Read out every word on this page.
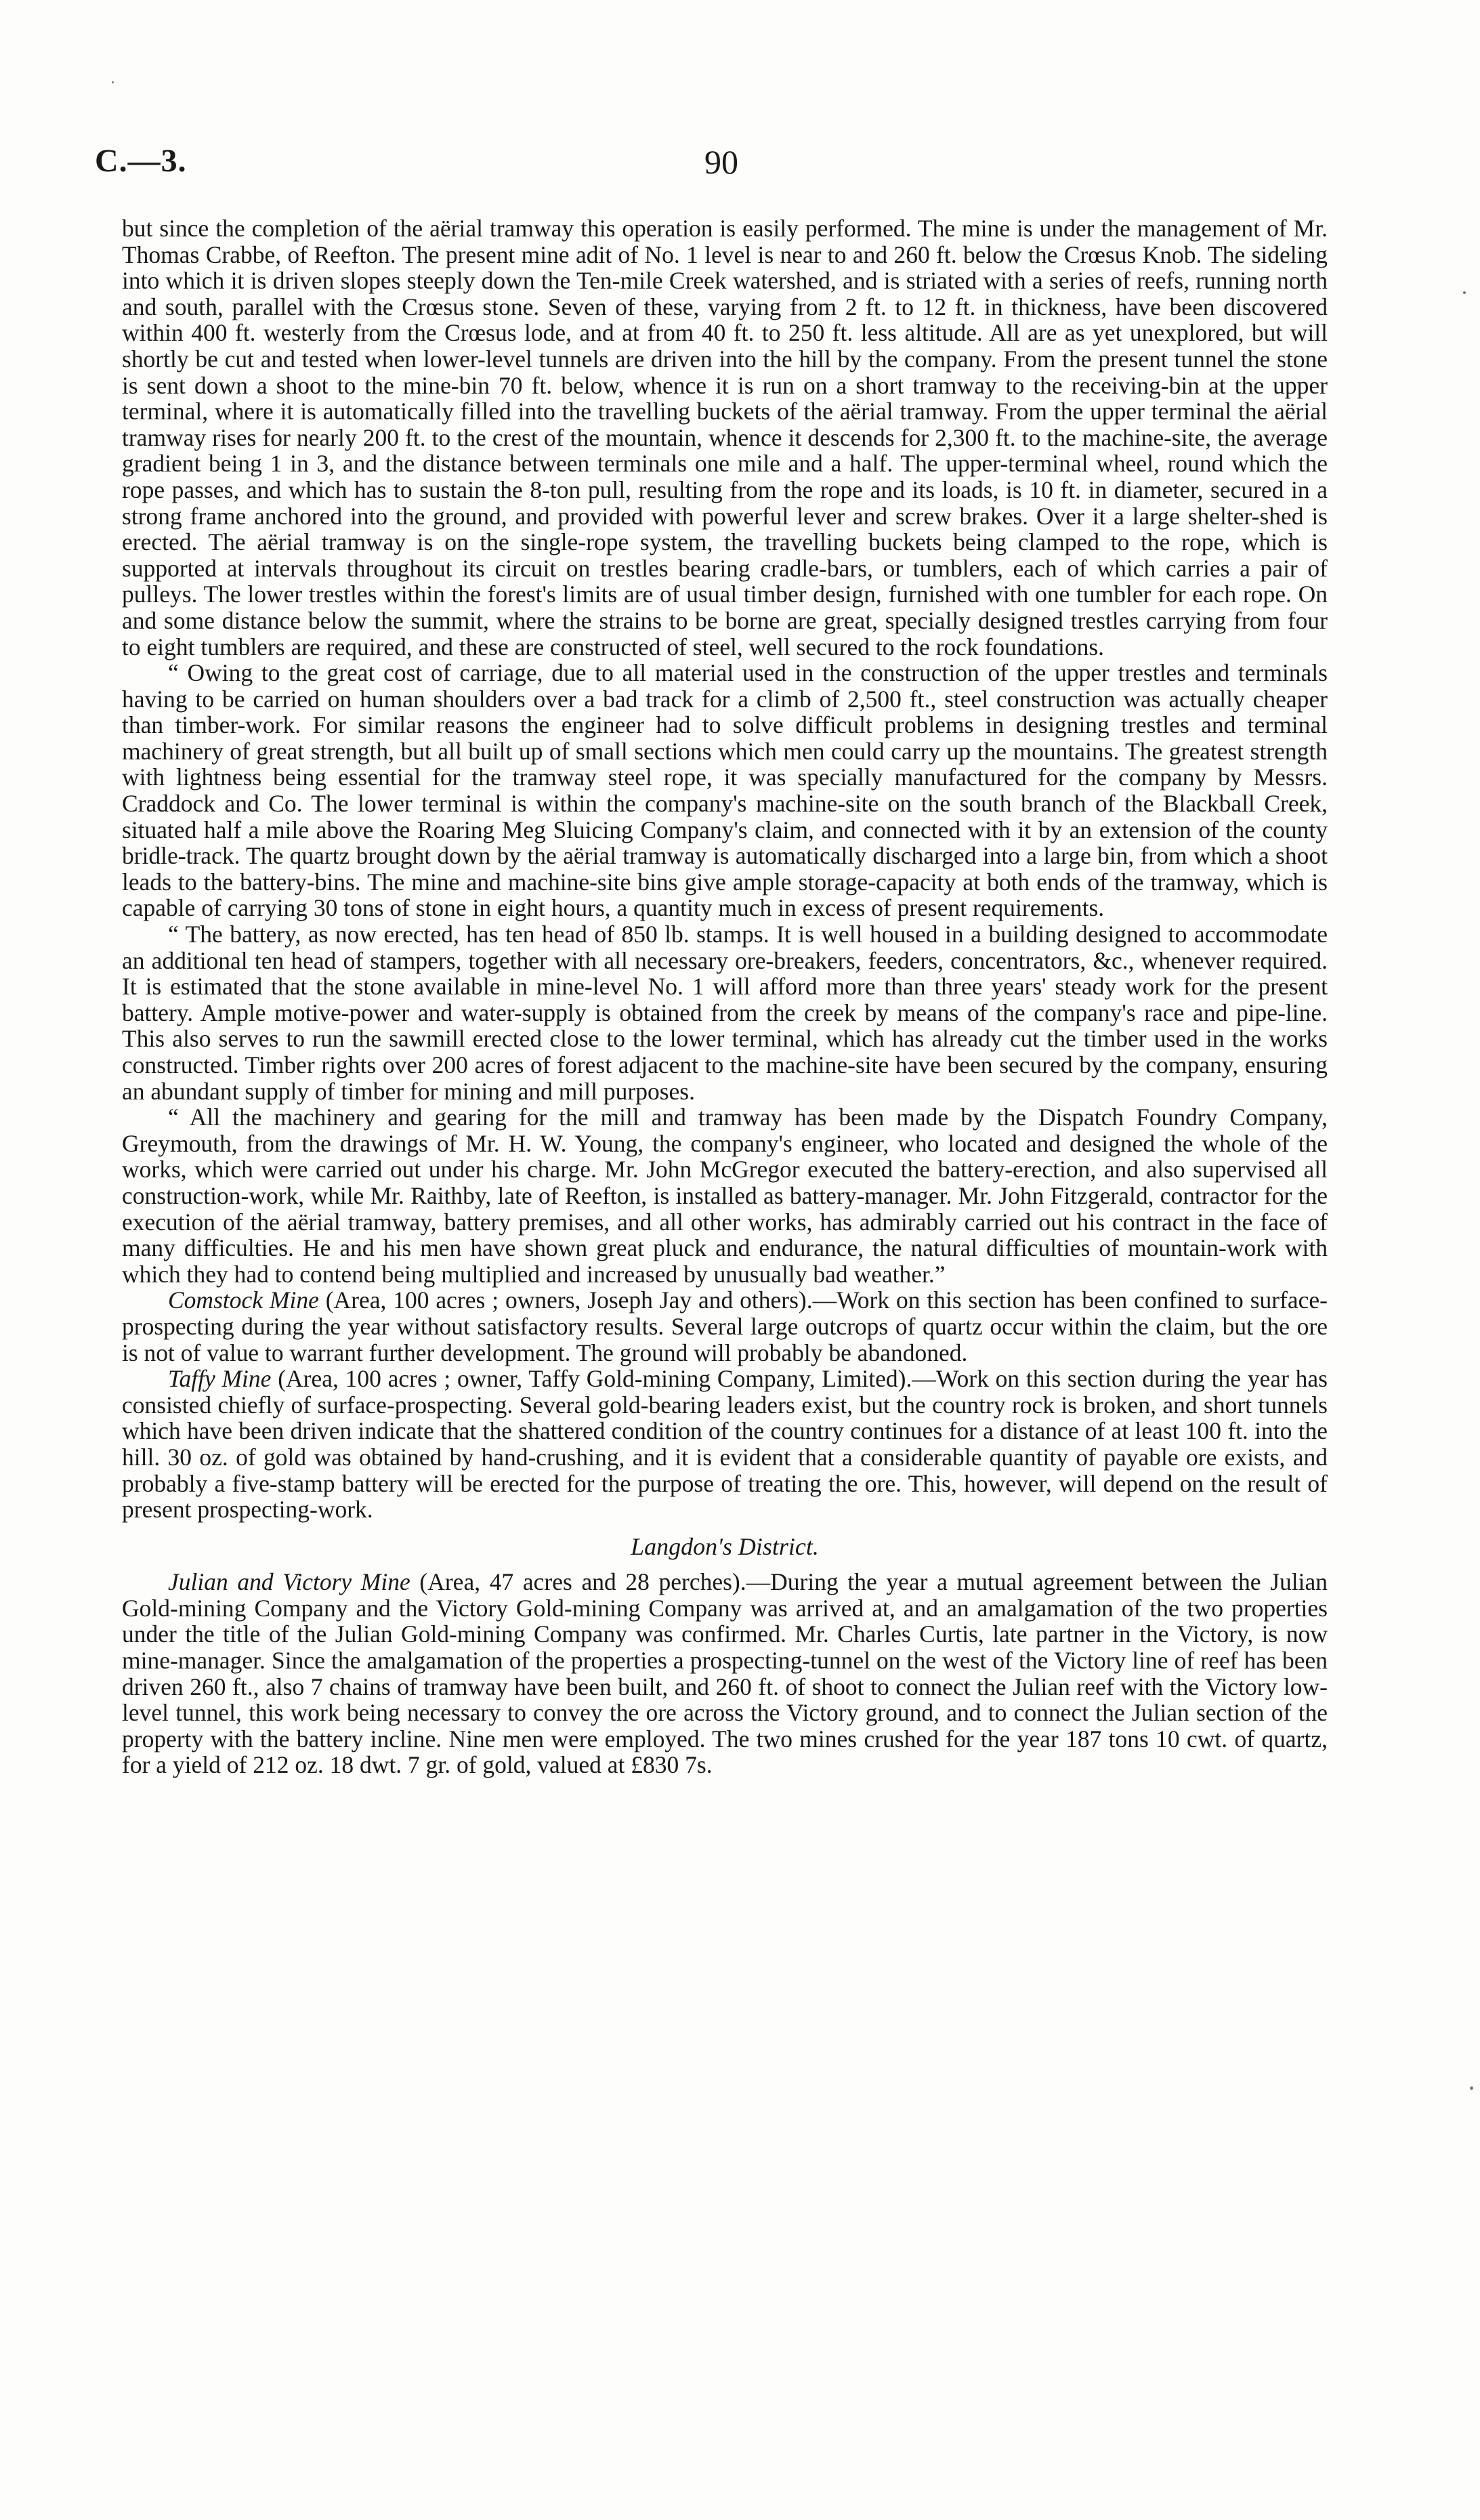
C.—3.	90

but since the completion of the aërial tramway this operation is easily performed. The mine is under the management of Mr. Thomas Crabbe, of Reefton. The present mine adit of No. 1 level is near to and 260 ft. below the Crœsus Knob. The sideling into which it is driven slopes steeply down the Ten-mile Creek watershed, and is striated with a series of reefs, running north and south, parallel with the Crœsus stone. Seven of these, varying from 2 ft. to 12 ft. in thickness, have been discovered within 400 ft. westerly from the Crœsus lode, and at from 40 ft. to 250 ft. less altitude. All are as yet unexplored, but will shortly be cut and tested when lower-level tunnels are driven into the hill by the company. From the present tunnel the stone is sent down a shoot to the mine-bin 70 ft. below, whence it is run on a short tramway to the receiving-bin at the upper terminal, where it is automatically filled into the travelling buckets of the aërial tramway. From the upper terminal the aërial tramway rises for nearly 200 ft. to the crest of the mountain, whence it descends for 2,300 ft. to the machine-site, the average gradient being 1 in 3, and the distance between terminals one mile and a half. The upper-terminal wheel, round which the rope passes, and which has to sustain the 8-ton pull, resulting from the rope and its loads, is 10 ft. in diameter, secured in a strong frame anchored into the ground, and provided with powerful lever and screw brakes. Over it a large shelter-shed is erected. The aërial tramway is on the single-rope system, the travelling buckets being clamped to the rope, which is supported at intervals throughout its circuit on trestles bearing cradle-bars, or tumblers, each of which carries a pair of pulleys. The lower trestles within the forest's limits are of usual timber design, furnished with one tumbler for each rope. On and some distance below the summit, where the strains to be borne are great, specially designed trestles carrying from four to eight tumblers are required, and these are constructed of steel, well secured to the rock foundations.

“ Owing to the great cost of carriage, due to all material used in the construction of the upper trestles and terminals having to be carried on human shoulders over a bad track for a climb of 2,500 ft., steel construction was actually cheaper than timber-work. For similar reasons the engineer had to solve difficult problems in designing trestles and terminal machinery of great strength, but all built up of small sections which men could carry up the mountains. The greatest strength with lightness being essential for the tramway steel rope, it was specially manufactured for the company by Messrs. Craddock and Co. The lower terminal is within the company's machine-site on the south branch of the Blackball Creek, situated half a mile above the Roaring Meg Sluicing Company's claim, and connected with it by an extension of the county bridle-track. The quartz brought down by the aërial tramway is automatically discharged into a large bin, from which a shoot leads to the battery-bins. The mine and machine-site bins give ample storage-capacity at both ends of the tramway, which is capable of carrying 30 tons of stone in eight hours, a quantity much in excess of present requirements.

“ The battery, as now erected, has ten head of 850 lb. stamps. It is well housed in a building designed to accommodate an additional ten head of stampers, together with all necessary ore-breakers, feeders, concentrators, &c., whenever required. It is estimated that the stone available in mine-level No. 1 will afford more than three years' steady work for the present battery. Ample motive-power and water-supply is obtained from the creek by means of the company's race and pipe-line. This also serves to run the sawmill erected close to the lower terminal, which has already cut the timber used in the works constructed. Timber rights over 200 acres of forest adjacent to the machine-site have been secured by the company, ensuring an abundant supply of timber for mining and mill purposes.

“ All the machinery and gearing for the mill and tramway has been made by the Dispatch Foundry Company, Greymouth, from the drawings of Mr. H. W. Young, the company's engineer, who located and designed the whole of the works, which were carried out under his charge. Mr. John McGregor executed the battery-erection, and also supervised all construction-work, while Mr. Raithby, late of Reefton, is installed as battery-manager. Mr. John Fitzgerald, contractor for the execution of the aërial tramway, battery premises, and all other works, has admirably carried out his contract in the face of many difficulties. He and his men have shown great pluck and endurance, the natural difficulties of mountain-work with which they had to contend being multiplied and increased by unusually bad weather.”

Comstock Mine (Area, 100 acres ; owners, Joseph Jay and others).—Work on this section has been confined to surface-prospecting during the year without satisfactory results. Several large outcrops of quartz occur within the claim, but the ore is not of value to warrant further development. The ground will probably be abandoned.

Taffy Mine (Area, 100 acres ; owner, Taffy Gold-mining Company, Limited).—Work on this section during the year has consisted chiefly of surface-prospecting. Several gold-bearing leaders exist, but the country rock is broken, and short tunnels which have been driven indicate that the shattered condition of the country continues for a distance of at least 100 ft. into the hill. 30 oz. of gold was obtained by hand-crushing, and it is evident that a considerable quantity of payable ore exists, and probably a five-stamp battery will be erected for the purpose of treating the ore. This, however, will depend on the result of present prospecting-work.

Langdon's District.

Julian and Victory Mine (Area, 47 acres and 28 perches).—During the year a mutual agreement between the Julian Gold-mining Company and the Victory Gold-mining Company was arrived at, and an amalgamation of the two properties under the title of the Julian Gold-mining Company was confirmed. Mr. Charles Curtis, late partner in the Victory, is now mine-manager. Since the amalgamation of the properties a prospecting-tunnel on the west of the Victory line of reef has been driven 260 ft., also 7 chains of tramway have been built, and 260 ft. of shoot to connect the Julian reef with the Victory low-level tunnel, this work being necessary to convey the ore across the Victory ground, and to connect the Julian section of the property with the battery incline. Nine men were employed. The two mines crushed for the year 187 tons 10 cwt. of quartz, for a yield of 212 oz. 18 dwt. 7 gr. of gold, valued at £830 7s.
